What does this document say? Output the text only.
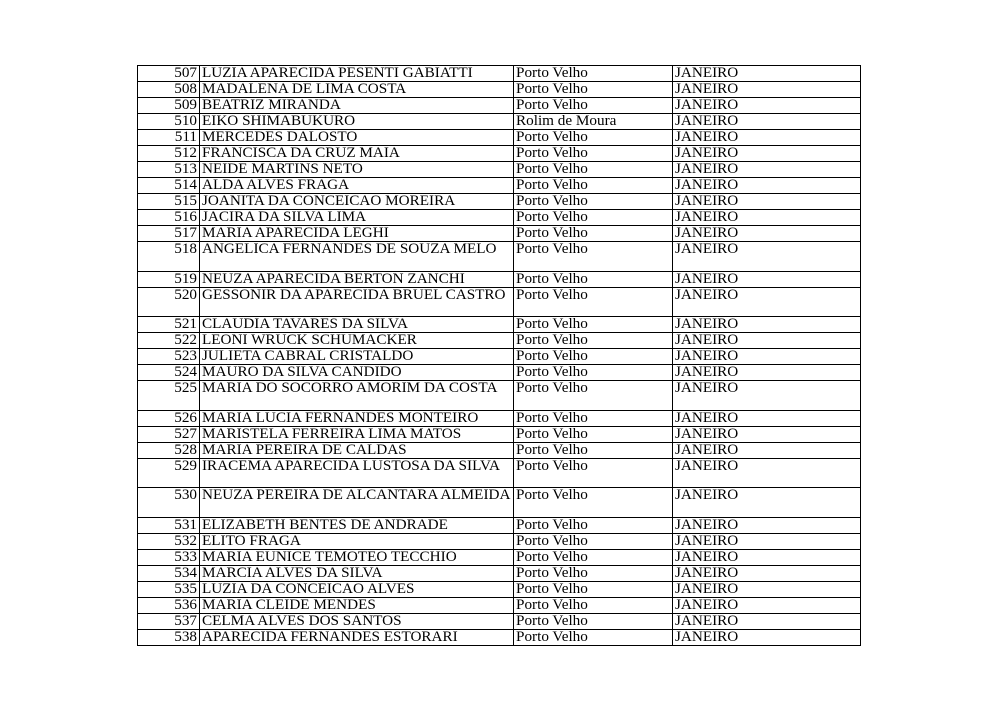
507	LUZIA APARECIDA PESENTI GABIATTI	Porto Velho	JANEIRO
508	MADALENA DE LIMA COSTA	Porto Velho	JANEIRO
509	BEATRIZ MIRANDA	Porto Velho	JANEIRO
510	EIKO SHIMABUKURO	Rolim de Moura	JANEIRO
511	MERCEDES DALOSTO	Porto Velho	JANEIRO
512	FRANCISCA DA CRUZ MAIA	Porto Velho	JANEIRO
513	NEIDE MARTINS NETO	Porto Velho	JANEIRO
514	ALDA ALVES FRAGA	Porto Velho	JANEIRO
515	JOANITA DA CONCEICAO MOREIRA	Porto Velho	JANEIRO
516	JACIRA DA SILVA LIMA	Porto Velho	JANEIRO
517	MARIA APARECIDA LEGHI	Porto Velho	JANEIRO
518	ANGELICA FERNANDES DE SOUZA MELO	Porto Velho	JANEIRO
519	NEUZA APARECIDA BERTON ZANCHI	Porto Velho	JANEIRO
520	GESSONIR DA APARECIDA BRUEL CASTRO	Porto Velho	JANEIRO
521	CLAUDIA TAVARES DA SILVA	Porto Velho	JANEIRO
522	LEONI WRUCK SCHUMACKER	Porto Velho	JANEIRO
523	JULIETA CABRAL CRISTALDO	Porto Velho	JANEIRO
524	MAURO DA SILVA CANDIDO	Porto Velho	JANEIRO
525	MARIA DO SOCORRO AMORIM DA COSTA	Porto Velho	JANEIRO
526	MARIA LUCIA FERNANDES MONTEIRO	Porto Velho	JANEIRO
527	MARISTELA FERREIRA LIMA MATOS	Porto Velho	JANEIRO
528	MARIA PEREIRA DE CALDAS	Porto Velho	JANEIRO
529	IRACEMA APARECIDA LUSTOSA DA SILVA	Porto Velho	JANEIRO
530	NEUZA PEREIRA DE ALCANTARA ALMEIDA	Porto Velho	JANEIRO
531	ELIZABETH BENTES DE ANDRADE	Porto Velho	JANEIRO
532	ELITO FRAGA	Porto Velho	JANEIRO
533	MARIA EUNICE TEMOTEO TECCHIO	Porto Velho	JANEIRO
534	MARCIA ALVES DA SILVA	Porto Velho	JANEIRO
535	LUZIA DA CONCEICAO ALVES	Porto Velho	JANEIRO
536	MARIA CLEIDE MENDES	Porto Velho	JANEIRO
537	CELMA ALVES DOS SANTOS	Porto Velho	JANEIRO
538	APARECIDA FERNANDES ESTORARI	Porto Velho	JANEIRO
